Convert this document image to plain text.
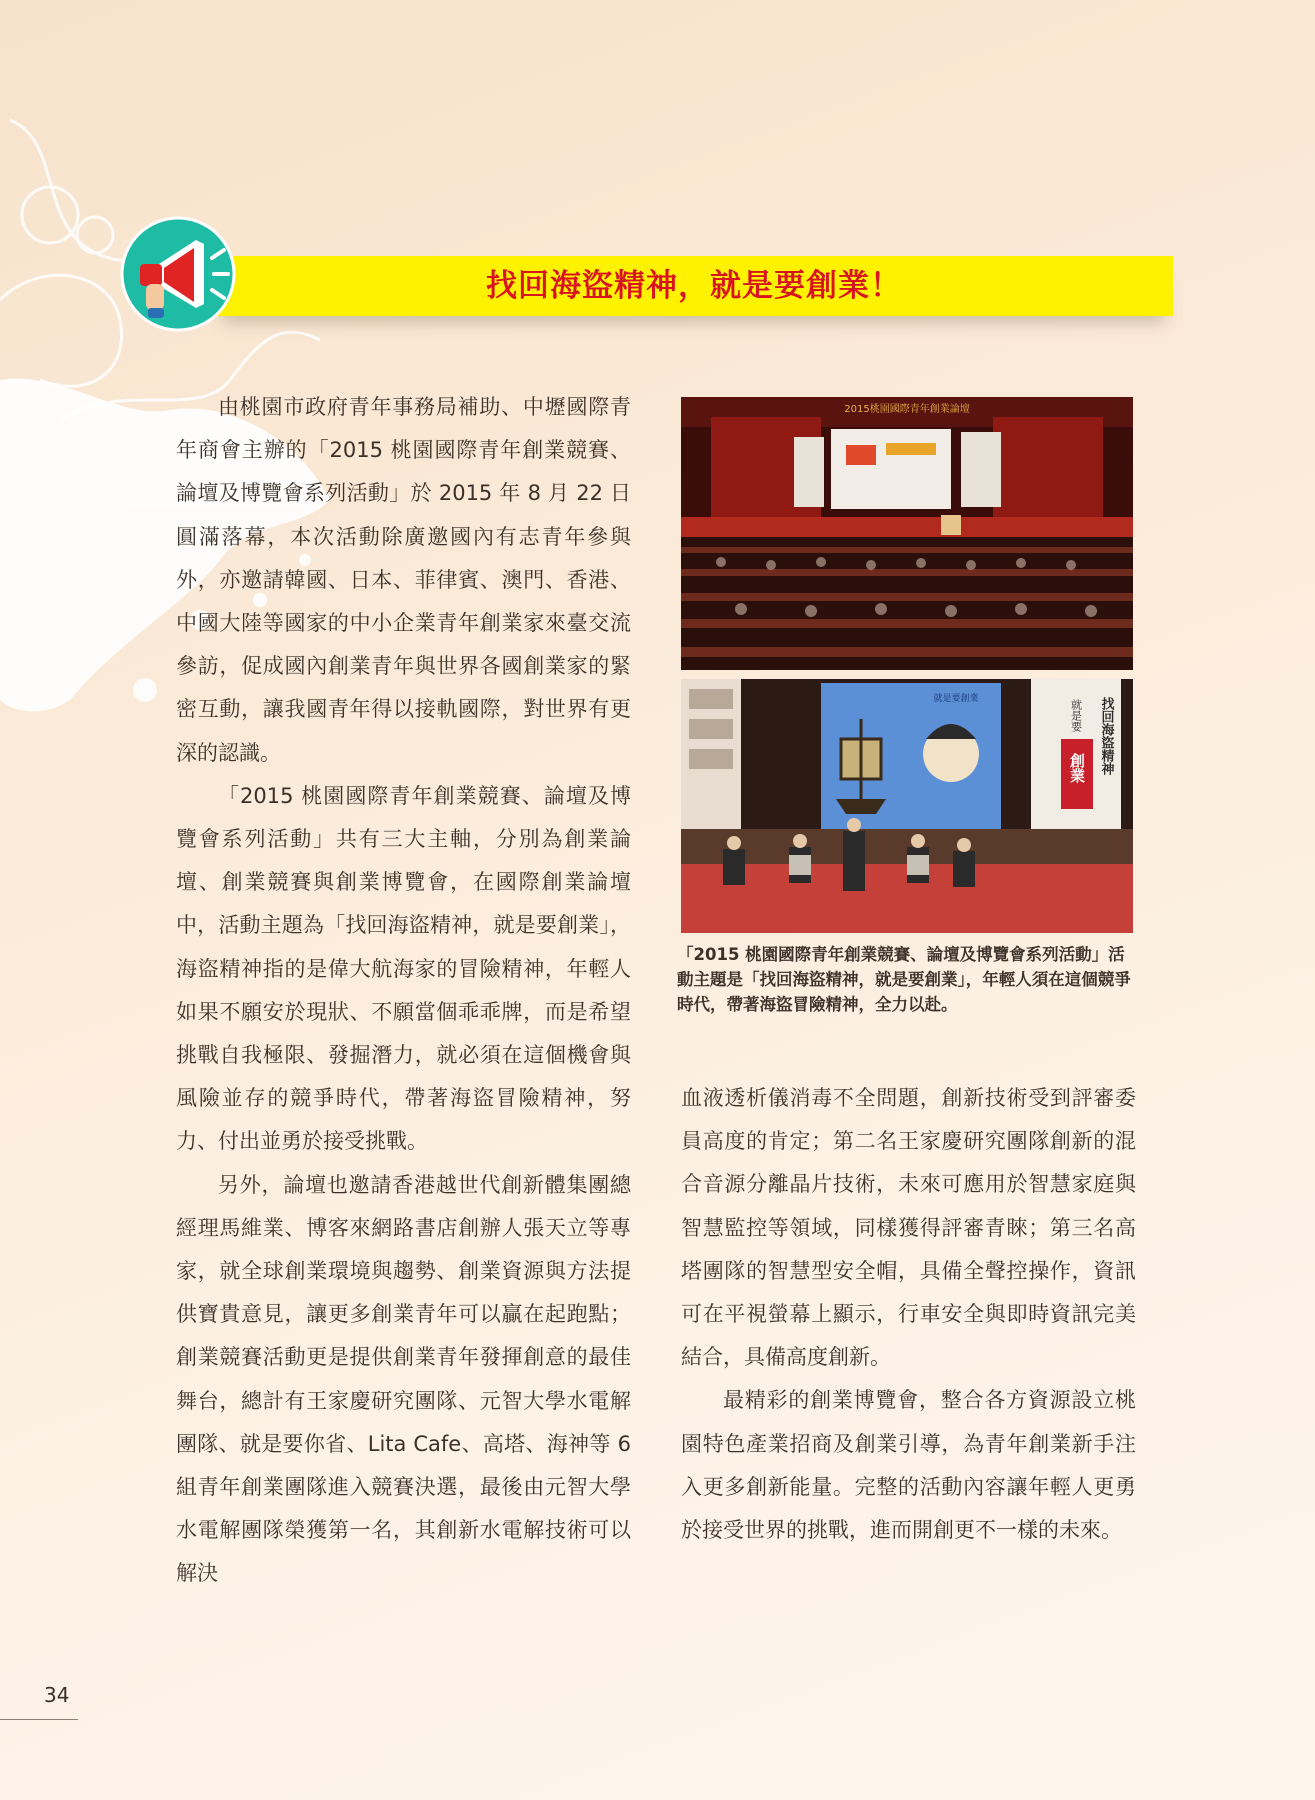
找回海盜精神，就是要創業！

由桃園市政府青年事務局補助、中壢國際青年商會主辦的「2015 桃園國際青年創業競賽、論壇及博覽會系列活動」於 2015 年 8 月 22 日圓滿落幕，本次活動除廣邀國內有志青年參與外，亦邀請韓國、日本、菲律賓、澳門、香港、中國大陸等國家的中小企業青年創業家來臺交流參訪，促成國內創業青年與世界各國創業家的緊密互動，讓我國青年得以接軌國際，對世界有更深的認識。

「2015 桃園國際青年創業競賽、論壇及博覽會系列活動」共有三大主軸，分別為創業論壇、創業競賽與創業博覽會，在國際創業論壇中，活動主題為「找回海盜精神，就是要創業」，海盜精神指的是偉大航海家的冒險精神，年輕人如果不願安於現狀、不願當個乖乖牌，而是希望挑戰自我極限、發掘潛力，就必須在這個機會與風險並存的競爭時代，帶著海盜冒險精神，努力、付出並勇於接受挑戰。

另外，論壇也邀請香港越世代創新體集團總經理馬維業、博客來網路書店創辦人張天立等專家，就全球創業環境與趨勢、創業資源與方法提供寶貴意見，讓更多創業青年可以贏在起跑點；創業競賽活動更是提供創業青年發揮創意的最佳舞台，總計有王家慶研究團隊、元智大學水電解團隊、就是要你省、Lita Cafe、高塔、海神等 6 組青年創業團隊進入競賽決選，最後由元智大學水電解團隊榮獲第一名，其創新水電解技術可以解決

2015桃園國際青年創業論壇
就是要創業	找回海盜精神
就是要
創業
「2015 桃園國際青年創業競賽、論壇及博覽會系列活動」活動主題是「找回海盜精神，就是要創業」，年輕人須在這個競爭時代，帶著海盜冒險精神，全力以赴。

血液透析儀消毒不全問題，創新技術受到評審委員高度的肯定；第二名王家慶研究團隊創新的混合音源分離晶片技術，未來可應用於智慧家庭與智慧監控等領域，同樣獲得評審青睞；第三名高塔團隊的智慧型安全帽，具備全聲控操作，資訊可在平視螢幕上顯示，行車安全與即時資訊完美結合，具備高度創新。

最精彩的創業博覽會，整合各方資源設立桃園特色產業招商及創業引導，為青年創業新手注入更多創新能量。完整的活動內容讓年輕人更勇於接受世界的挑戰，進而開創更不一樣的未來。

34
